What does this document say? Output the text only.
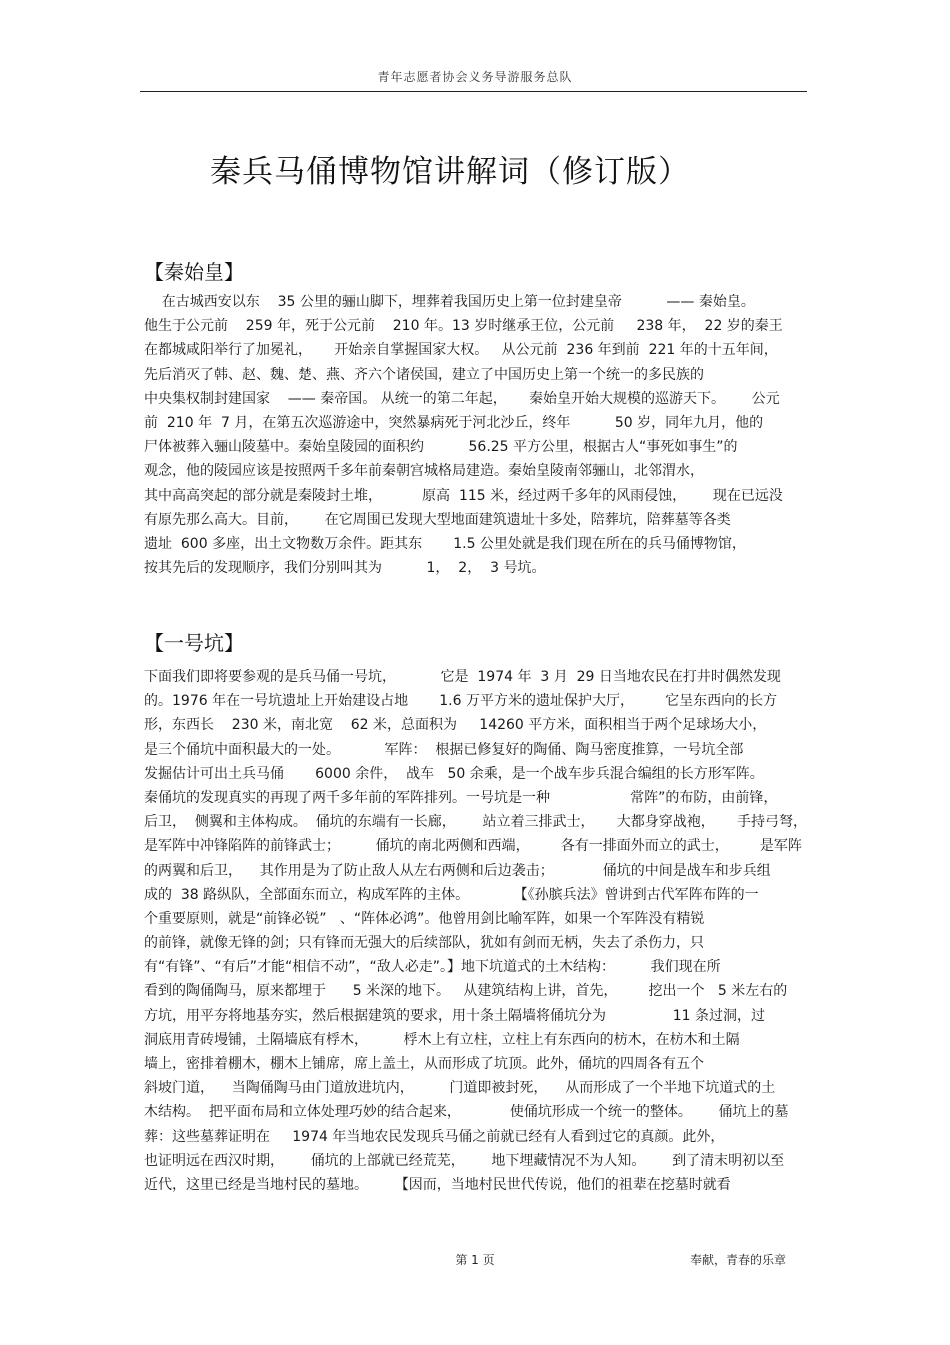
青年志愿者协会义务导游服务总队
秦兵马俑博物馆讲解词（修订版）
【秦始皇】
在古城西安以东    35 公里的骊山脚下，埋葬着我国历史上第一位封建皇帝          —— 秦始皇。
他生于公元前    259 年，死于公元前    210 年。13 岁时继承王位，公元前     238 年，  22 岁的秦王
在都城咸阳举行了加冕礼，     开始亲自掌握国家大权。   从公元前  236 年到前  221 年的十五年间，
先后消灭了韩、赵、魏、楚、燕、齐六个诸侯国，建立了中国历史上第一个统一的多民族的
中央集权制封建国家    —— 秦帝国。 从统一的第二年起，     秦始皇开始大规模的巡游天下。      公元
前  210 年  7 月，在第五次巡游途中，突然暴病死于河北沙丘，终年          50 岁，同年九月，他的
尸体被葬入骊山陵墓中。秦始皇陵园的面积约          56.25 平方公里，根据古人“事死如事生”的
观念，他的陵园应该是按照两千多年前秦朝宫城格局建造。秦始皇陵南邻骊山，北邻渭水，
其中高高突起的部分就是秦陵封土堆，         原高  115 米，经过两千多年的风雨侵蚀，      现在已远没
有原先那么高大。目前，      在它周围已发现大型地面建筑遗址十多处，陪葬坑，陪葬墓等各类
遗址  600 多座，出土文物数万余件。距其东       1.5 公里处就是我们现在所在的兵马俑博物馆，
按其先后的发现顺序，我们分别叫其为          1，  2，  3 号坑。
【一号坑】
下面我们即将要参观的是兵马俑一号坑，          它是  1974 年  3 月  29 日当地农民在打井时偶然发现
的。1976 年在一号坑遗址上开始建设占地       1.6 万平方米的遗址保护大厅，       它呈东西向的长方
形，东西长    230 米，南北宽    62 米，总面积为     14260 平方米，面积相当于两个足球场大小，
是三个俑坑中面积最大的一处。          军阵：  根据已修复好的陶俑、陶马密度推算，一号坑全部
发掘估计可出土兵马俑       6000 余件，  战车   50 余乘，是一个战车步兵混合编组的长方形军阵。
秦俑坑的发现真实的再现了两千多年前的军阵排列。一号坑是一种                  常阵”的布防，由前锋，
后卫，  侧翼和主体构成。  俑坑的东端有一长廊，      站立着三排武士，     大都身穿战袍，     手持弓弩，
是军阵中冲锋陷阵的前锋武士；        俑坑的南北两侧和西端，       各有一排面外而立的武士，       是军阵
的两翼和后卫，    其作用是为了防止敌人从左右两侧和后边袭击；           俑坑的中间是战车和步兵组
成的  38 路纵队，全部面东而立，构成军阵的主体。          【《孙膑兵法》曾讲到古代军阵布阵的一
个重要原则，就是“前锋必锐”   、“阵体必鸿”。他曾用剑比喻军阵，如果一个军阵没有精锐
的前锋，就像无锋的剑；只有锋而无强大的后续部队，犹如有剑而无柄，失去了杀伤力，只
有“有锋”、“有后”才能“相信不动”，“敌人必走”。】地下坑道式的土木结构：        我们现在所
看到的陶俑陶马，原来都埋于      5 米深的地下。   从建筑结构上讲，首先，       挖出一个   5 米左右的
方坑，用平夯将地基夯实，然后根据建筑的要求，用十条土隔墙将俑坑分为               11 条过洞，过
洞底用青砖墁铺，土隔墙底有桴木，        桴木上有立柱，立柱上有东西向的枋木，在枋木和土隔
墙上，密排着棚木，棚木上铺席，席上盖土，从而形成了坑顶。此外，俑坑的四周各有五个
斜坡门道，    当陶俑陶马由门道放进坑内，        门道即被封死，    从而形成了一个半地下坑道式的土
木结构。  把平面布局和立体处理巧妙的结合起来，           使俑坑形成一个统一的整体。      俑坑上的墓
葬：这些墓葬证明在     1974 年当地农民发现兵马俑之前就已经有人看到过它的真颜。此外，
也证明远在西汉时期，      俑坑的上部就已经荒芜，      地下埋藏情况不为人知。      到了清末明初以至
近代，这里已经是当地村民的墓地。      【因而，当地村民世代传说，他们的祖辈在挖墓时就看
第 1 页	奉献，青春的乐章
